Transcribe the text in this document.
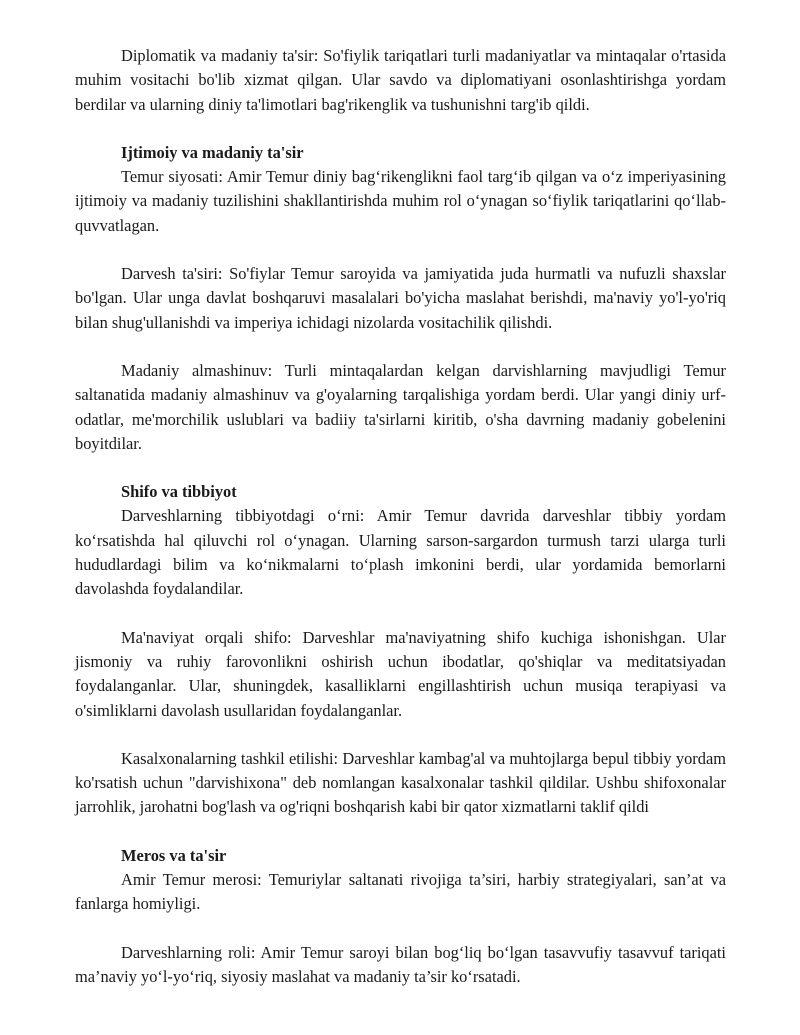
Diplomatik va madaniy ta'sir: So'fiylik tariqatlari turli madaniyatlar va mintaqalar o'rtasida muhim vositachi bo'lib xizmat qilgan. Ular savdo va diplomatiyani osonlashtirishga yordam berdilar va ularning diniy ta'limotlari bag'rikenglik va tushunishni targ'ib qildi.

Ijtimoiy va madaniy ta'sir

Temur siyosati: Amir Temur diniy bag‘rikenglikni faol targ‘ib qilgan va o‘z imperiyasining ijtimoiy va madaniy tuzilishini shakllantirishda muhim rol o‘ynagan so‘fiylik tariqatlarini qo‘llab-quvvatlagan.

Darvesh ta'siri: So'fiylar Temur saroyida va jamiyatida juda hurmatli va nufuzli shaxslar bo'lgan. Ular unga davlat boshqaruvi masalalari bo'yicha maslahat berishdi, ma'naviy yo'l-yo'riq bilan shug'ullanishdi va imperiya ichidagi nizolarda vositachilik qilishdi.

Madaniy almashinuv: Turli mintaqalardan kelgan darvishlarning mavjudligi Temur saltanatida madaniy almashinuv va g'oyalarning tarqalishiga yordam berdi. Ular yangi diniy urf-odatlar, me'morchilik uslublari va badiiy ta'sirlarni kiritib, o'sha davrning madaniy gobelenini boyitdilar.

Shifo va tibbiyot

Darveshlarning tibbiyotdagi o‘rni: Amir Temur davrida darveshlar tibbiy yordam ko‘rsatishda hal qiluvchi rol o‘ynagan. Ularning sarson-sargardon turmush tarzi ularga turli hududlardagi bilim va ko‘nikmalarni to‘plash imkonini berdi, ular yordamida bemorlarni davolashda foydalandilar.

Ma'naviyat orqali shifo: Darveshlar ma'naviyatning shifo kuchiga ishonishgan. Ular jismoniy va ruhiy farovonlikni oshirish uchun ibodatlar, qo'shiqlar va meditatsiyadan foydalanganlar. Ular, shuningdek, kasalliklarni engillashtirish uchun musiqa terapiyasi va o'simliklarni davolash usullaridan foydalanganlar.

Kasalxonalarning tashkil etilishi: Darveshlar kambag'al va muhtojlarga bepul tibbiy yordam ko'rsatish uchun "darvishixona" deb nomlangan kasalxonalar tashkil qildilar. Ushbu shifoxonalar jarrohlik, jarohatni bog'lash va og'riqni boshqarish kabi bir qator xizmatlarni taklif qildi

Meros va ta'sir

Amir Temur merosi: Temuriylar saltanati rivojiga ta’siri, harbiy strategiyalari, san’at va fanlarga homiyligi.

Darveshlarning roli: Amir Temur saroyi bilan bog‘liq bo‘lgan tasavvufiy tasavvuf tariqati ma’naviy yo‘l-yo‘riq, siyosiy maslahat va madaniy ta’sir ko‘rsatadi.
